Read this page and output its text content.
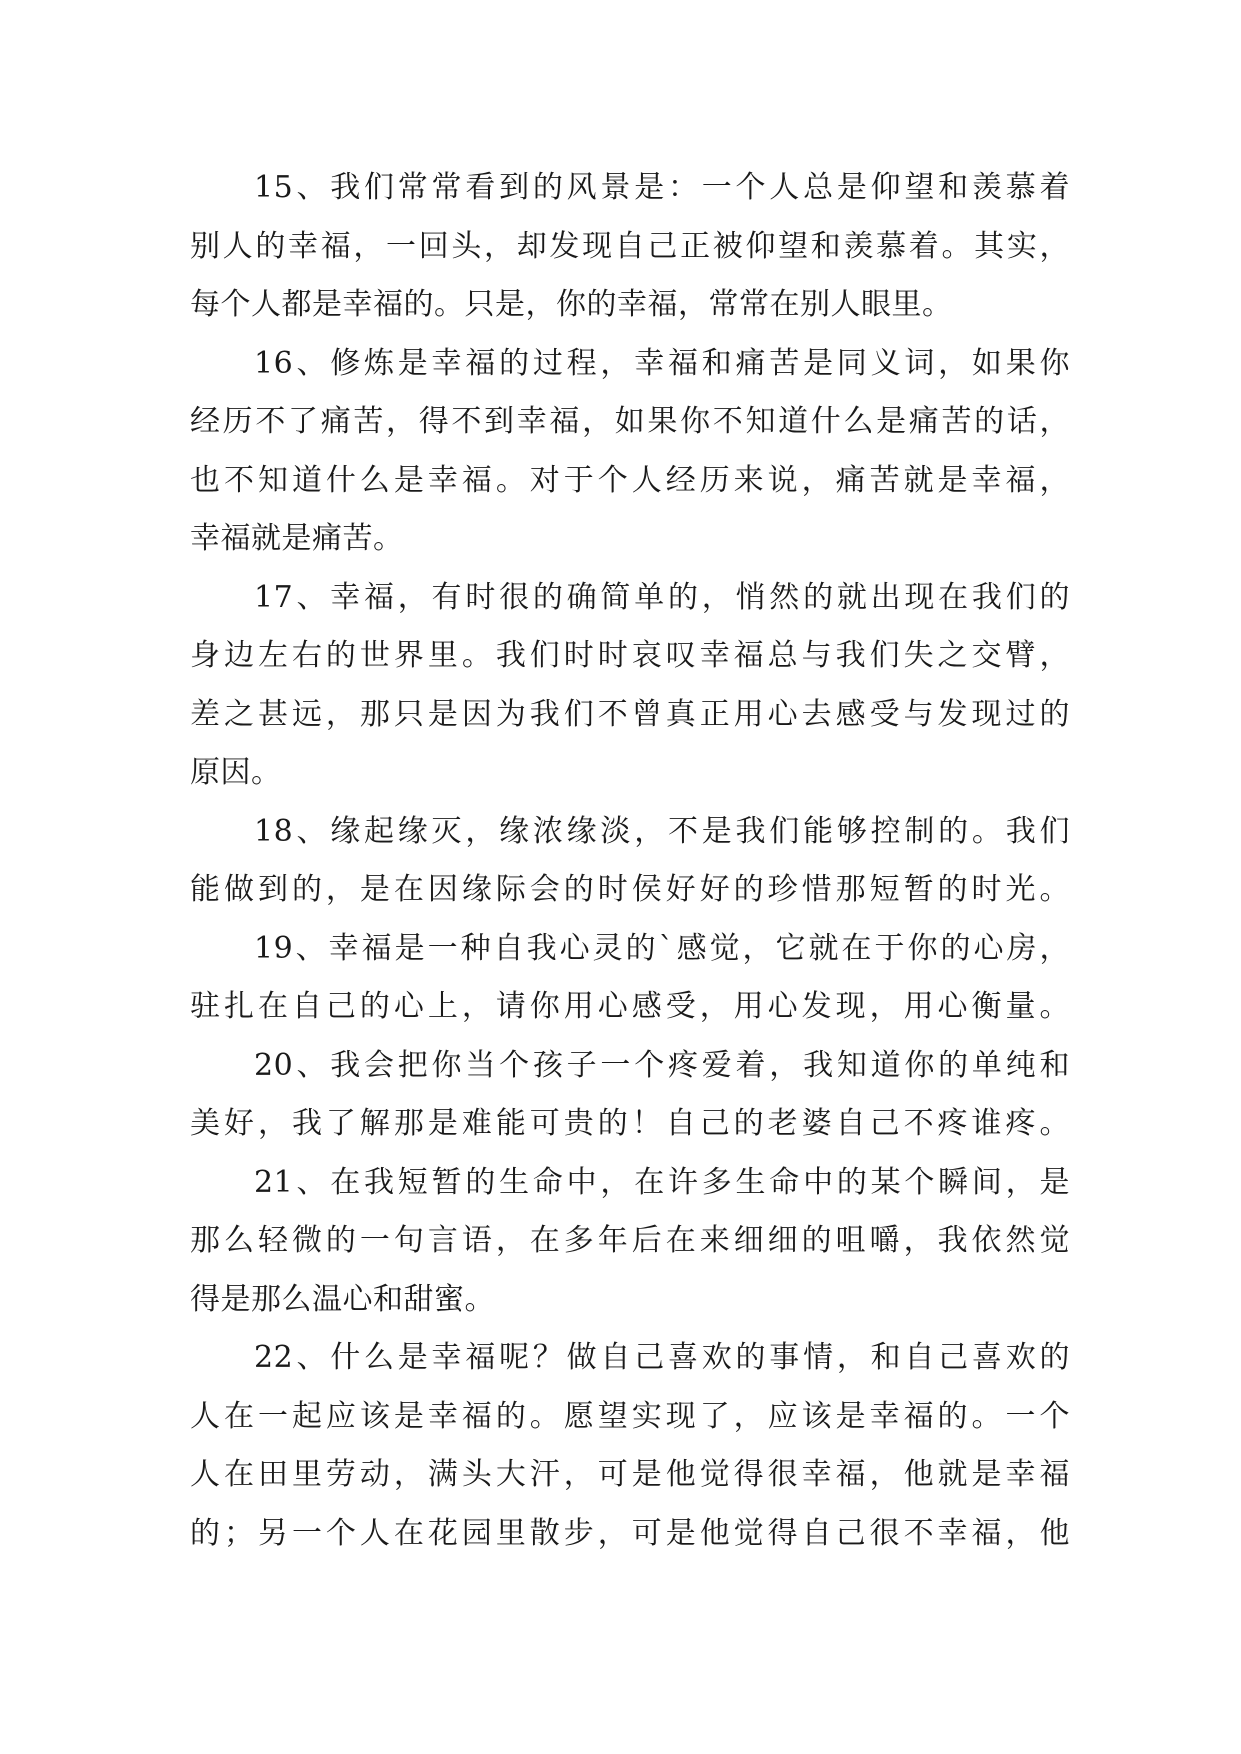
15、我们常常看到的风景是：一个人总是仰望和羡慕着
别人的幸福，一回头，却发现自己正被仰望和羡慕着。其实，
每个人都是幸福的。只是，你的幸福，常常在别人眼里。
16、修炼是幸福的过程，幸福和痛苦是同义词，如果你
经历不了痛苦，得不到幸福，如果你不知道什么是痛苦的话，
也不知道什么是幸福。对于个人经历来说，痛苦就是幸福，
幸福就是痛苦。
17、幸福，有时很的确简单的，悄然的就出现在我们的
身边左右的世界里。我们时时哀叹幸福总与我们失之交臂，
差之甚远，那只是因为我们不曾真正用心去感受与发现过的
原因。
18、缘起缘灭，缘浓缘淡，不是我们能够控制的。我们
能做到的，是在因缘际会的时侯好好的珍惜那短暂的时光。
19、幸福是一种自我心灵的`感觉，它就在于你的心房，
驻扎在自己的心上，请你用心感受，用心发现，用心衡量。
20、我会把你当个孩子一个疼爱着，我知道你的单纯和
美好，我了解那是难能可贵的！自己的老婆自己不疼谁疼。
21、在我短暂的生命中，在许多生命中的某个瞬间，是
那么轻微的一句言语，在多年后在来细细的咀嚼，我依然觉
得是那么温心和甜蜜。
22、什么是幸福呢？做自己喜欢的事情，和自己喜欢的
人在一起应该是幸福的。愿望实现了，应该是幸福的。一个
人在田里劳动，满头大汗，可是他觉得很幸福，他就是幸福
的；另一个人在花园里散步，可是他觉得自己很不幸福，他
